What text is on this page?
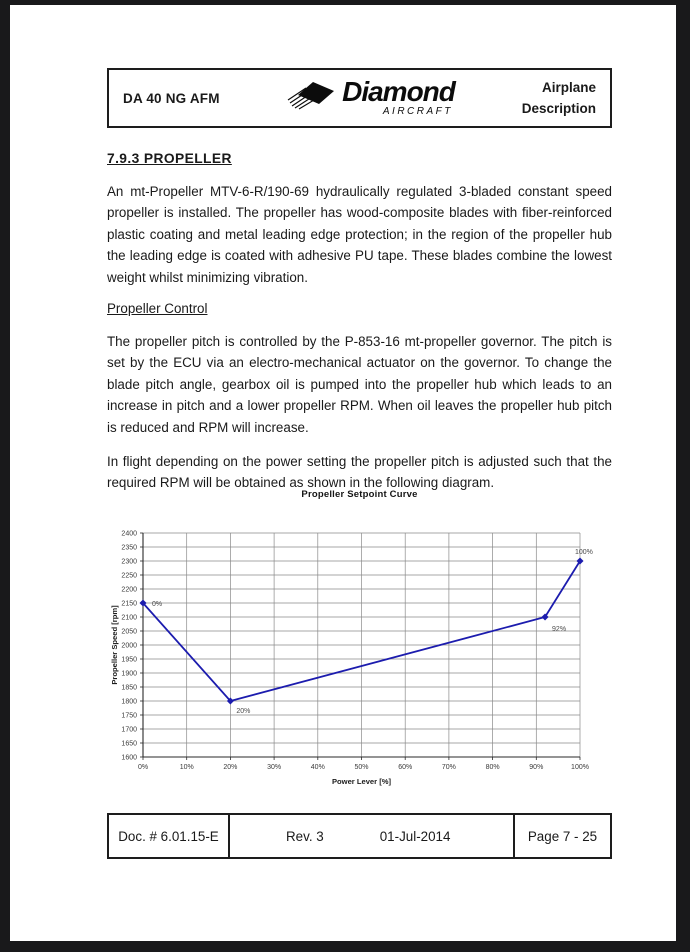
DA 40 NG AFM	Diamond
AIRCRAFT
Airplane
Description
7.9.3 PROPELLER
An mt-Propeller MTV-6-R/190-69 hydraulically regulated 3-bladed constant speed propeller is installed. The propeller has wood-composite blades with fiber-reinforced plastic coating and metal leading edge protection; in the region of the propeller hub the leading edge is coated with adhesive PU tape. These blades combine the lowest weight whilst minimizing vibration.
Propeller Control
The propeller pitch is controlled by the P-853-16 mt-propeller governor. The pitch is set by the ECU via an electro-mechanical actuator on the governor. To change the blade pitch angle, gearbox oil is pumped into the propeller hub which leads to an increase in pitch and a lower propeller RPM. When oil leaves the propeller hub pitch is reduced and RPM will increase.
In flight depending on the power setting the propeller pitch is adjusted such that the required RPM will be obtained as shown in the following diagram.
Propeller Setpoint Curve
1600
1650
1700
1750
1800
1850
1900
1950
2000
2050
2100
2150
2200
2250
2300
2350
2400
0%	10%	20%	30%	40%	50%	60%	70%	80%	90%	100%
0%
20%
92%
100%
Power Lever [%]
Propeller Speed [rpm]
Doc. # 6.01.15-E	Rev. 3	01-Jul-2014	Page 7 - 25
